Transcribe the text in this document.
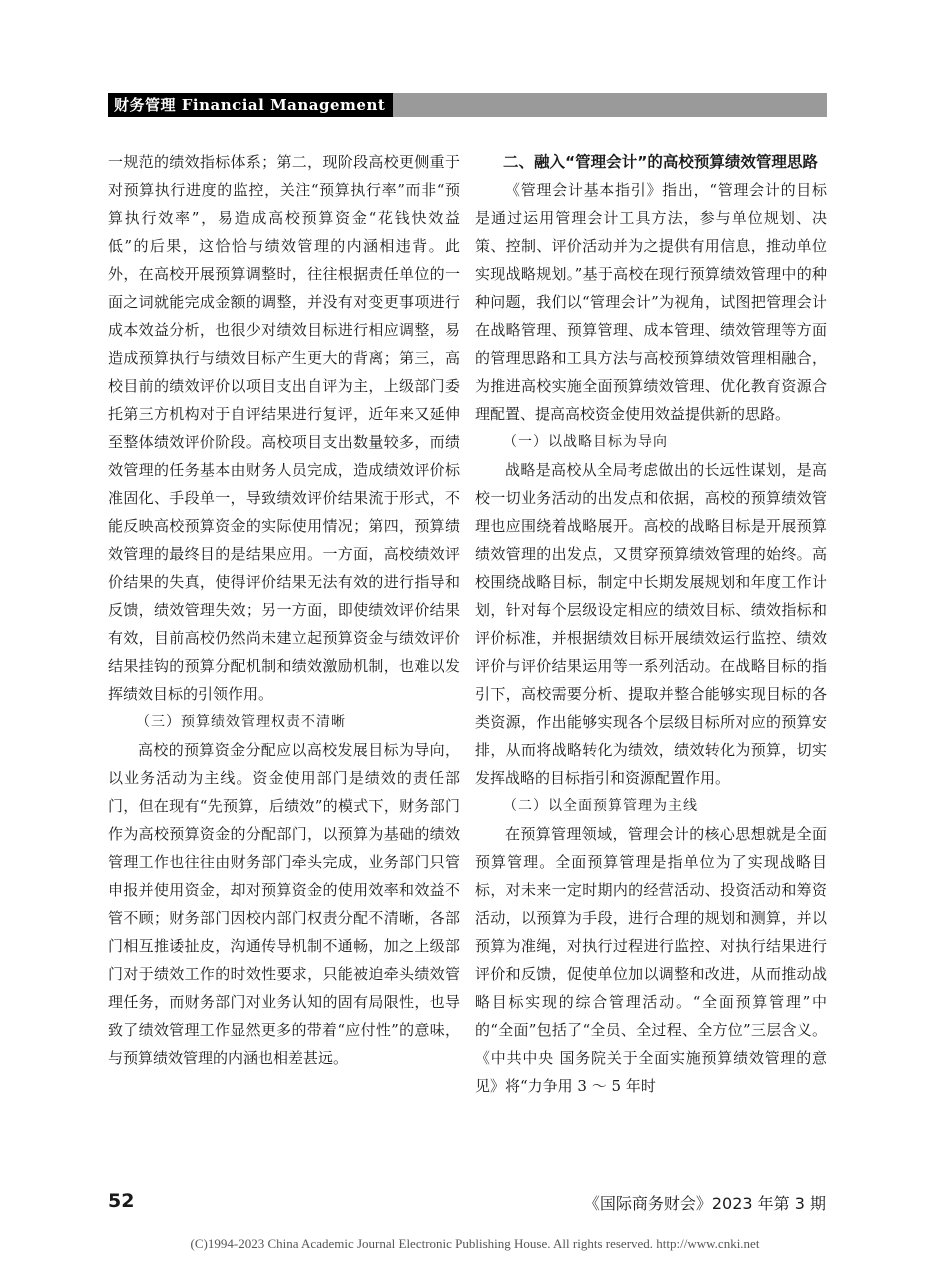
财务管理 Financial Management

一规范的绩效指标体系；第二，现阶段高校更侧重于对预算执行进度的监控，关注“预算执行率”而非“预算执行效率”，易造成高校预算资金“花钱快效益低”的后果，这恰恰与绩效管理的内涵相违背。此外，在高校开展预算调整时，往往根据责任单位的一面之词就能完成金额的调整，并没有对变更事项进行成本效益分析，也很少对绩效目标进行相应调整，易造成预算执行与绩效目标产生更大的背离；第三，高校目前的绩效评价以项目支出自评为主，上级部门委托第三方机构对于自评结果进行复评，近年来又延伸至整体绩效评价阶段。高校项目支出数量较多，而绩效管理的任务基本由财务人员完成，造成绩效评价标准固化、手段单一，导致绩效评价结果流于形式，不能反映高校预算资金的实际使用情况；第四，预算绩效管理的最终目的是结果应用。一方面，高校绩效评价结果的失真，使得评价结果无法有效的进行指导和反馈，绩效管理失效；另一方面，即使绩效评价结果有效，目前高校仍然尚未建立起预算资金与绩效评价结果挂钩的预算分配机制和绩效激励机制，也难以发挥绩效目标的引领作用。

（三）预算绩效管理权责不清晰

高校的预算资金分配应以高校发展目标为导向，以业务活动为主线。资金使用部门是绩效的责任部门，但在现有“先预算，后绩效”的模式下，财务部门作为高校预算资金的分配部门，以预算为基础的绩效管理工作也往往由财务部门牵头完成，业务部门只管申报并使用资金，却对预算资金的使用效率和效益不管不顾；财务部门因校内部门权责分配不清晰，各部门相互推诿扯皮，沟通传导机制不通畅，加之上级部门对于绩效工作的时效性要求，只能被迫牵头绩效管理任务，而财务部门对业务认知的固有局限性，也导致了绩效管理工作显然更多的带着“应付性”的意味，与预算绩效管理的内涵也相差甚远。

二、融入“管理会计”的高校预算绩效管理思路

《管理会计基本指引》指出，“管理会计的目标是通过运用管理会计工具方法，参与单位规划、决策、控制、评价活动并为之提供有用信息，推动单位实现战略规划。”基于高校在现行预算绩效管理中的种种问题，我们以“管理会计”为视角，试图把管理会计在战略管理、预算管理、成本管理、绩效管理等方面的管理思路和工具方法与高校预算绩效管理相融合，为推进高校实施全面预算绩效管理、优化教育资源合理配置、提高高校资金使用效益提供新的思路。

（一）以战略目标为导向

战略是高校从全局考虑做出的长远性谋划，是高校一切业务活动的出发点和依据，高校的预算绩效管理也应围绕着战略展开。高校的战略目标是开展预算绩效管理的出发点，又贯穿预算绩效管理的始终。高校围绕战略目标，制定中长期发展规划和年度工作计划，针对每个层级设定相应的绩效目标、绩效指标和评价标准，并根据绩效目标开展绩效运行监控、绩效评价与评价结果运用等一系列活动。在战略目标的指引下，高校需要分析、提取并整合能够实现目标的各类资源，作出能够实现各个层级目标所对应的预算安排，从而将战略转化为绩效，绩效转化为预算，切实发挥战略的目标指引和资源配置作用。

（二）以全面预算管理为主线

在预算管理领域，管理会计的核心思想就是全面预算管理。全面预算管理是指单位为了实现战略目标，对未来一定时期内的经营活动、投资活动和筹资活动，以预算为手段，进行合理的规划和测算，并以预算为准绳，对执行过程进行监控、对执行结果进行评价和反馈，促使单位加以调整和改进，从而推动战略目标实现的综合管理活动。“全面预算管理”中的“全面”包括了“全员、全过程、全方位”三层含义。《中共中央 国务院关于全面实施预算绩效管理的意见》将“力争用 3 ～ 5 年时

52	《国际商务财会》2023 年第 3 期
(C)1994-2023 China Academic Journal Electronic Publishing House. All rights reserved. http://www.cnki.net
